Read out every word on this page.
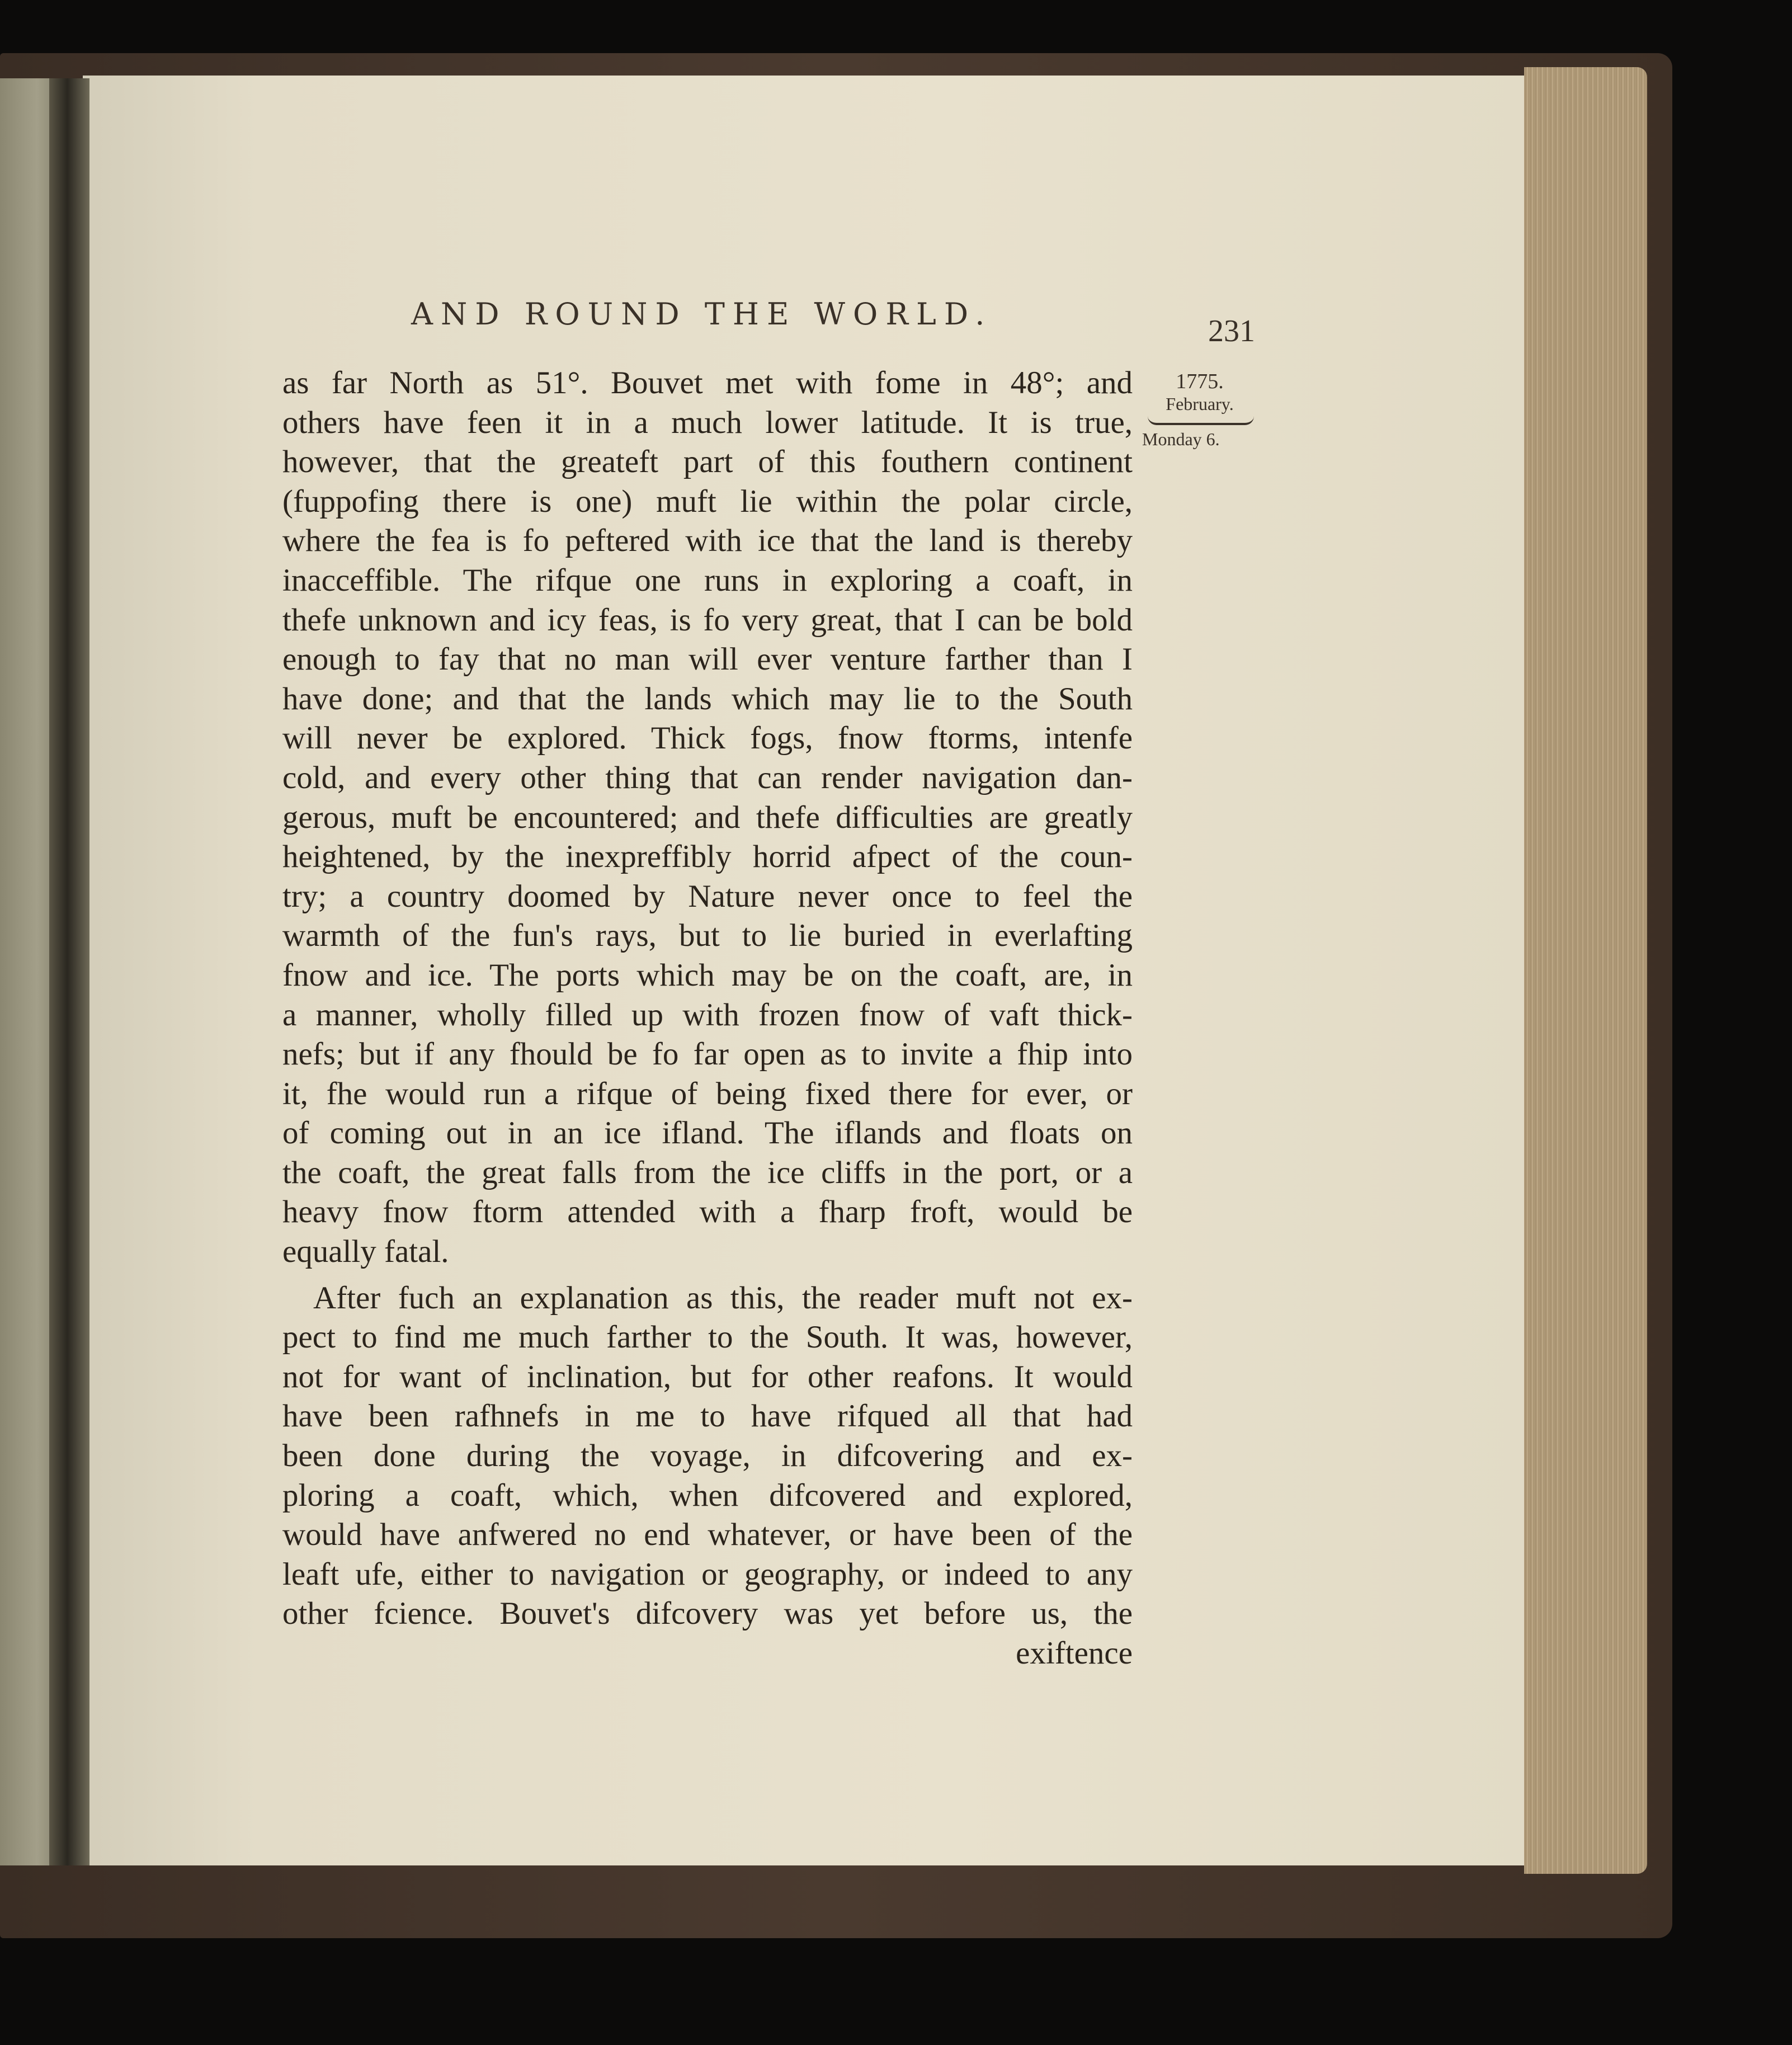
AND ROUND THE WORLD.	231
1775.
February.
Monday 6.
as far North as 51°. Bouvet met with fome in 48°; and
others have feen it in a much lower latitude. It is true,
however, that the greateft part of this fouthern continent
(fuppofing there is one) muft lie within the polar circle,
where the fea is fo peftered with ice that the land is thereby
inacceffible. The rifque one runs in exploring a coaft, in
thefe unknown and icy feas, is fo very great, that I can be bold
enough to fay that no man will ever venture farther than I
have done; and that the lands which may lie to the South
will never be explored. Thick fogs, fnow ftorms, intenfe
cold, and every other thing that can render navigation dan-
gerous, muft be encountered; and thefe difficulties are greatly
heightened, by the inexpreffibly horrid afpect of the coun-
try; a country doomed by Nature never once to feel the
warmth of the fun's rays, but to lie buried in everlafting
fnow and ice. The ports which may be on the coaft, are, in
a manner, wholly filled up with frozen fnow of vaft thick-
nefs; but if any fhould be fo far open as to invite a fhip into
it, fhe would run a rifque of being fixed there for ever, or
of coming out in an ice ifland. The iflands and floats on
the coaft, the great falls from the ice cliffs in the port, or a
heavy fnow ftorm attended with a fharp froft, would be
equally fatal.
After fuch an explanation as this, the reader muft not ex-
pect to find me much farther to the South. It was, however,
not for want of inclination, but for other reafons. It would
have been rafhnefs in me to have rifqued all that had
been done during the voyage, in difcovering and ex-
ploring a coaft, which, when difcovered and explored,
would have anfwered no end whatever, or have been of the
leaft ufe, either to navigation or geography, or indeed to any
other fcience. Bouvet's difcovery was yet before us, the
exiftence
